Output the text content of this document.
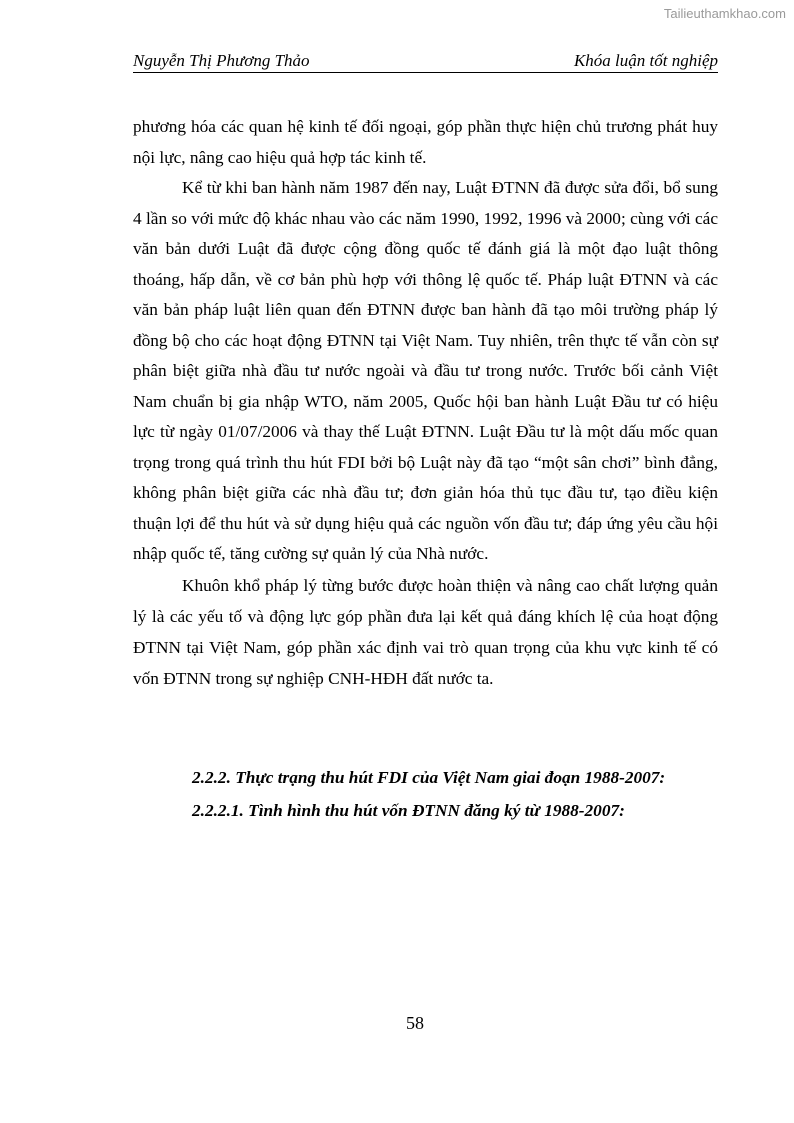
Tailieuthamkhao.com
Nguyễn Thị Phương Thảo	Khóa luận tốt nghiệp

phương hóa các quan hệ kinh tế đối ngoại, góp phần thực hiện chủ trương phát huy nội lực, nâng cao hiệu quả hợp tác kinh tế.

Kể từ khi ban hành năm 1987 đến nay, Luật ĐTNN đã được sửa đổi, bổ sung 4 lần so với mức độ khác nhau vào các năm 1990, 1992, 1996 và 2000; cùng với các văn bản dưới Luật đã được cộng đồng quốc tế đánh giá là một đạo luật thông thoáng, hấp dẫn, về cơ bản phù hợp với thông lệ quốc tế. Pháp luật ĐTNN và các văn bản pháp luật liên quan đến ĐTNN được ban hành đã tạo môi trường pháp lý đồng bộ cho các hoạt động ĐTNN tại Việt Nam. Tuy nhiên, trên thực tế vẫn còn sự phân biệt giữa nhà đầu tư nước ngoài và đầu tư trong nước. Trước bối cảnh Việt Nam chuẩn bị gia nhập WTO, năm 2005, Quốc hội ban hành Luật Đầu tư có hiệu lực từ ngày 01/07/2006 và thay thế Luật ĐTNN. Luật Đầu tư là một dấu mốc quan trọng trong quá trình thu hút FDI bởi bộ Luật này đã tạo “một sân chơi” bình đẳng, không phân biệt giữa các nhà đầu tư; đơn giản hóa thủ tục đầu tư, tạo điều kiện thuận lợi để thu hút và sử dụng hiệu quả các nguồn vốn đầu tư; đáp ứng yêu cầu hội nhập quốc tế, tăng cường sự quản lý của Nhà nước.

Khuôn khổ pháp lý từng bước được hoàn thiện và nâng cao chất lượng quản lý là các yếu tố và động lực góp phần đưa lại kết quả đáng khích lệ của hoạt động ĐTNN tại Việt Nam, góp phần xác định vai trò quan trọng của khu vực kinh tế có vốn ĐTNN trong sự nghiệp CNH-HĐH đất nước ta.

2.2.2. Thực trạng thu hút FDI của Việt Nam giai đoạn 1988-2007:
2.2.2.1. Tình hình thu hút vốn ĐTNN đăng ký từ 1988-2007:
58
